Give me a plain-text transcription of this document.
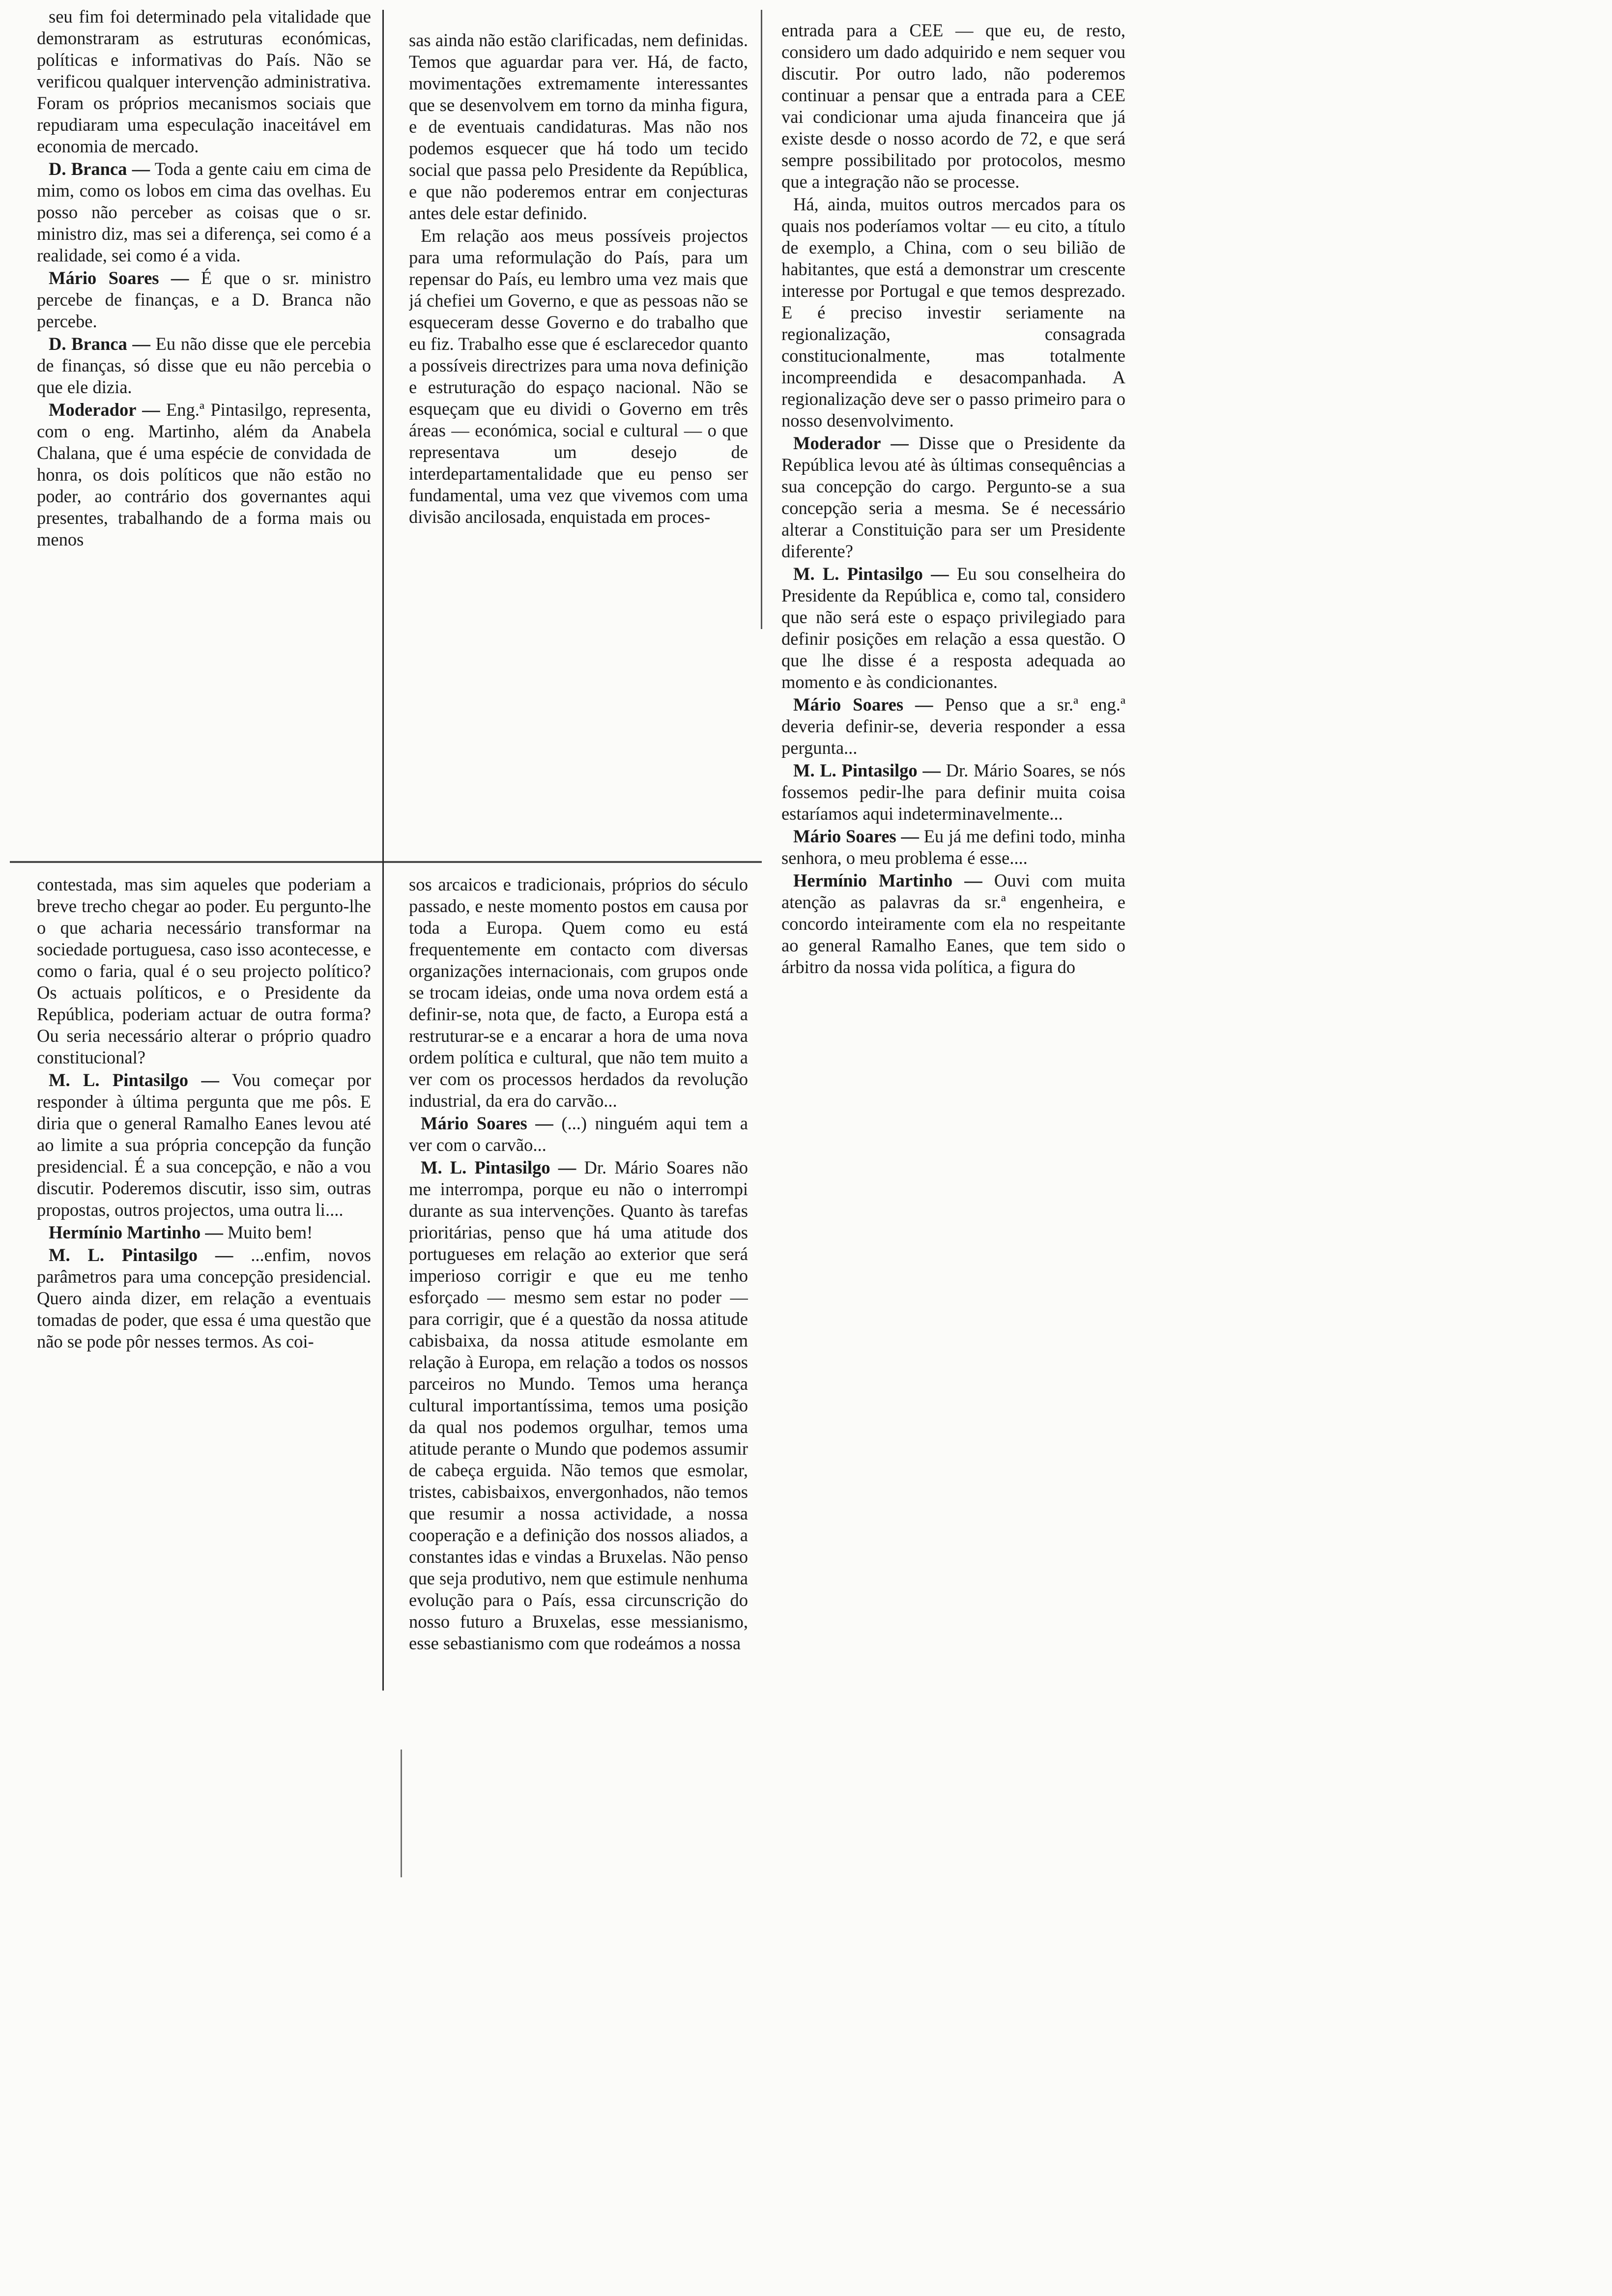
seu fim foi determinado pela vitalidade que demonstraram as estruturas económicas, políticas e informativas do País. Não se verificou qualquer intervenção administrativa. Foram os próprios mecanismos sociais que repudiaram uma especulação inaceitável em economia de mercado.

D. Branca — Toda a gente caiu em cima de mim, como os lobos em cima das ovelhas. Eu posso não perceber as coisas que o sr. ministro diz, mas sei a diferença, sei como é a realidade, sei como é a vida.

Mário Soares — É que o sr. ministro percebe de finanças, e a D. Branca não percebe.

D. Branca — Eu não disse que ele percebia de finanças, só disse que eu não percebia o que ele dizia.

Moderador — Eng.ª Pintasilgo, representa, com o eng. Martinho, além da Anabela Chalana, que é uma espécie de convidada de honra, os dois políticos que não estão no poder, ao contrário dos governantes aqui presentes, trabalhando de a forma mais ou menos

contestada, mas sim aqueles que poderiam a breve trecho chegar ao poder. Eu pergunto-lhe o que acharia necessário transformar na sociedade portuguesa, caso isso acontecesse, e como o faria, qual é o seu projecto político? Os actuais políticos, e o Presidente da República, poderiam actuar de outra forma? Ou seria necessário alterar o próprio quadro constitucional?

M. L. Pintasilgo — Vou começar por responder à última pergunta que me pôs. E diria que o general Ramalho Eanes levou até ao limite a sua própria concepção da função presidencial. É a sua concepção, e não a vou discutir. Poderemos discutir, isso sim, outras propostas, outros projectos, uma outra li....

Hermínio Martinho — Muito bem!

M. L. Pintasilgo — ...enfim, novos parâmetros para uma concepção presidencial. Quero ainda dizer, em relação a eventuais tomadas de poder, que essa é uma questão que não se pode pôr nesses termos. As coi-

sas ainda não estão clarificadas, nem definidas. Temos que aguardar para ver. Há, de facto, movimentações extremamente interessantes que se desenvolvem em torno da minha figura, e de eventuais candidaturas. Mas não nos podemos esquecer que há todo um tecido social que passa pelo Presidente da República, e que não poderemos entrar em conjecturas antes dele estar definido.

Em relação aos meus possíveis projectos para uma reformulação do País, para um repensar do País, eu lembro uma vez mais que já chefiei um Governo, e que as pessoas não se esqueceram desse Governo e do trabalho que eu fiz. Trabalho esse que é esclarecedor quanto a possíveis directrizes para uma nova definição e estruturação do espaço nacional. Não se esqueçam que eu dividi o Governo em três áreas — económica, social e cultural — o que representava um desejo de interdepartamentalidade que eu penso ser fundamental, uma vez que vivemos com uma divisão ancilosada, enquistada em proces-

sos arcaicos e tradicionais, próprios do século passado, e neste momento postos em causa por toda a Europa. Quem como eu está frequentemente em contacto com diversas organizações internacionais, com grupos onde se trocam ideias, onde uma nova ordem está a definir-se, nota que, de facto, a Europa está a restruturar-se e a encarar a hora de uma nova ordem política e cultural, que não tem muito a ver com os processos herdados da revolução industrial, da era do carvão...

Mário Soares — (...) ninguém aqui tem a ver com o carvão...

M. L. Pintasilgo — Dr. Mário Soares não me interrompa, porque eu não o interrompi durante as sua intervenções. Quanto às tarefas prioritárias, penso que há uma atitude dos portugueses em relação ao exterior que será imperioso corrigir e que eu me tenho esforçado — mesmo sem estar no poder — para corrigir, que é a questão da nossa atitude cabisbaixa, da nossa atitude esmolante em relação à Europa, em relação a todos os nossos parceiros no Mundo. Temos uma herança cultural importantíssima, temos uma posição da qual nos podemos orgulhar, temos uma atitude perante o Mundo que podemos assumir de cabeça erguida. Não temos que esmolar, tristes, cabisbaixos, envergonhados, não temos que resumir a nossa actividade, a nossa cooperação e a definição dos nossos aliados, a constantes idas e vindas a Bruxelas. Não penso que seja produtivo, nem que estimule nenhuma evolução para o País, essa circunscrição do nosso futuro a Bruxelas, esse messianismo, esse sebastianismo com que rodeámos a nossa

entrada para a CEE — que eu, de resto, considero um dado adquirido e nem sequer vou discutir. Por outro lado, não poderemos continuar a pensar que a entrada para a CEE vai condicionar uma ajuda financeira que já existe desde o nosso acordo de 72, e que será sempre possibilitado por protocolos, mesmo que a integração não se processe.

Há, ainda, muitos outros mercados para os quais nos poderíamos voltar — eu cito, a título de exemplo, a China, com o seu bilião de habitantes, que está a demonstrar um crescente interesse por Portugal e que temos desprezado. E é preciso investir seriamente na regionalização, consagrada constitucionalmente, mas totalmente incompreendida e desacompanhada. A regionalização deve ser o passo primeiro para o nosso desenvolvimento.

Moderador — Disse que o Presidente da República levou até às últimas consequências a sua concepção do cargo. Pergunto-se a sua concepção seria a mesma. Se é necessário alterar a Constituição para ser um Presidente diferente?

M. L. Pintasilgo — Eu sou conselheira do Presidente da República e, como tal, considero que não será este o espaço privilegiado para definir posições em relação a essa questão. O que lhe disse é a resposta adequada ao momento e às condicionantes.

Mário Soares — Penso que a sr.ª eng.ª deveria definir-se, deveria responder a essa pergunta...

M. L. Pintasilgo — Dr. Mário Soares, se nós fossemos pedir-lhe para definir muita coisa estaríamos aqui indeterminavelmente...

Mário Soares — Eu já me defini todo, minha senhora, o meu problema é esse....

Hermínio Martinho — Ouvi com muita atenção as palavras da sr.ª engenheira, e concordo inteiramente com ela no respeitante ao general Ramalho Eanes, que tem sido o árbitro da nossa vida política, a figura do
